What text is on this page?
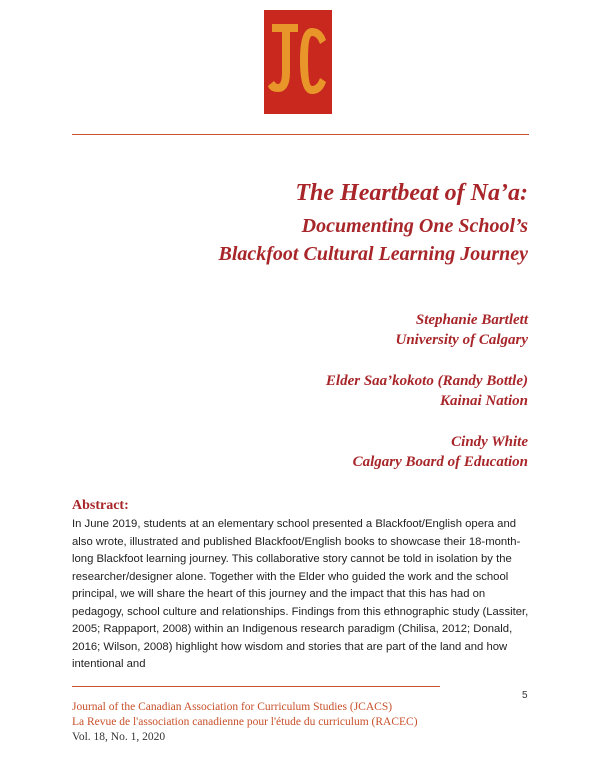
The Heartbeat of Na’a:

Documenting One School’s

Blackfoot Cultural Learning Journey

Stephanie Bartlett
University of Calgary
Elder Saa’kokoto (Randy Bottle)
Kainai Nation
Cindy White
Calgary Board of Education
Abstract:

In June 2019, students at an elementary school presented a Blackfoot/English opera and also wrote, illustrated and published Blackfoot/English books to showcase their 18-month-long Blackfoot learning journey. This collaborative story cannot be told in isolation by the researcher/designer alone. Together with the Elder who guided the work and the school principal, we will share the heart of this journey and the impact that this has had on pedagogy, school culture and relationships. Findings from this ethnographic study (Lassiter, 2005; Rappaport, 2008) within an Indigenous research paradigm (Chilisa, 2012; Donald, 2016; Wilson, 2008) highlight how wisdom and stories that are part of the land and how intentional and

5
Journal of the Canadian Association for Curriculum Studies (JCACS)
La Revue de l'association canadienne pour l'étude du curriculum (RACEC)
Vol. 18, No. 1, 2020
